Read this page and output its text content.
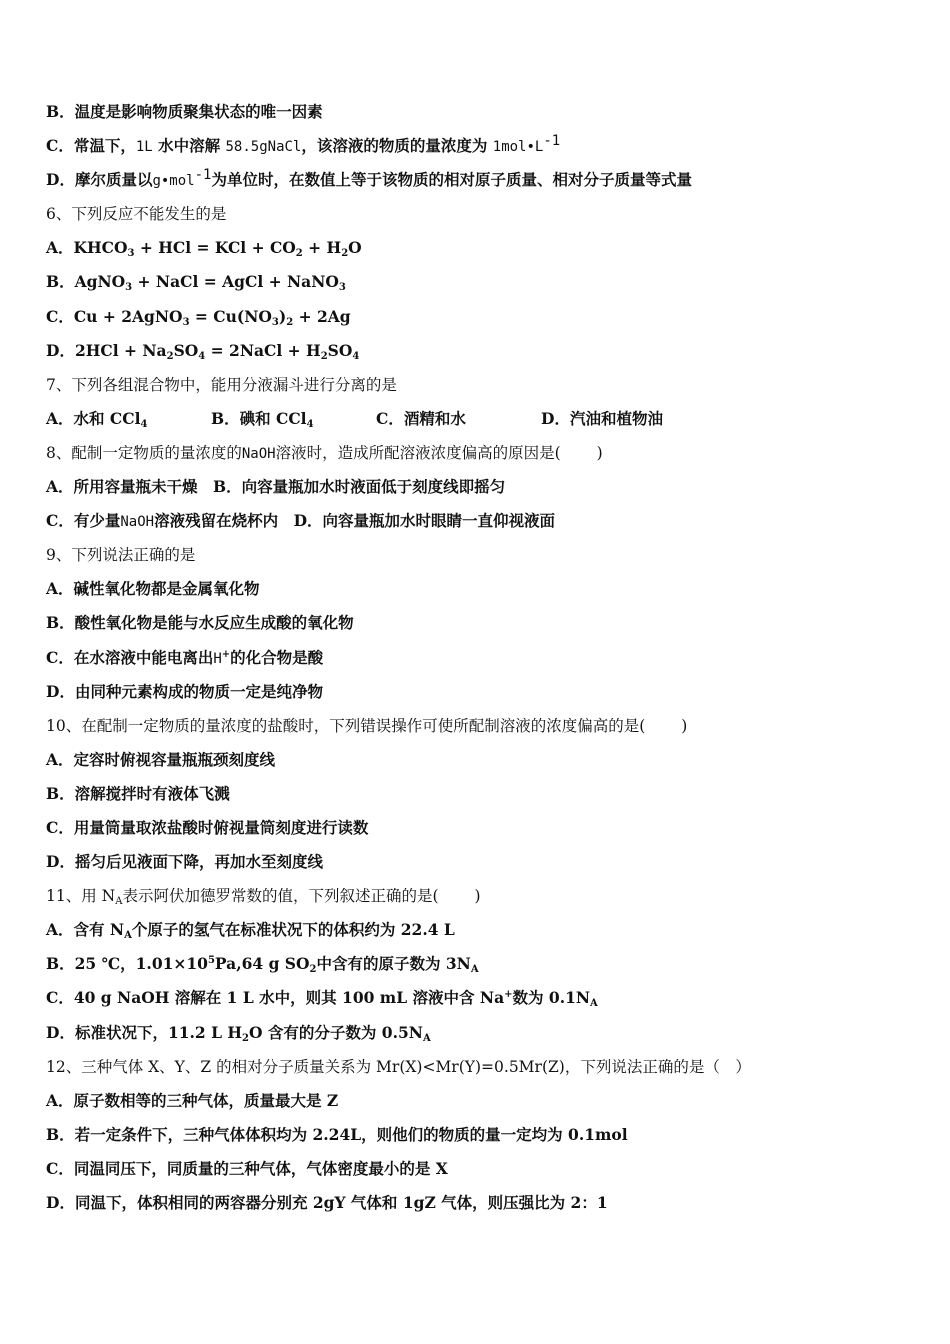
B．温度是影响物质聚集状态的唯一因素
C．常温下，1L 水中溶解 58.5gNaCl，该溶液的物质的量浓度为 $1mol•L^{-1}$
D．摩尔质量以g•mol$^{-1}$为单位时，在数值上等于该物质的相对原子质量、相对分子质量等式量
6、下列反应不能发生的是
A．$KHCO_3$ + HCl = KCl + $CO_2 + H_2O$
B．AgNO$_3$ + NaCl = AgCl + NaNO$_3$
C．Cu + 2AgNO$_3$ = $Cu(NO_3)_2 + 2Ag$
D．$2HCl + Na_2SO_4$ = 2NaCl + $H_2SO_4$
7、下列各组混合物中，能用分液漏斗进行分离的是
A．水和 CCl$_4$	B．碘和 CCl$_4$	C．酒精和水	D．汽油和植物油
8、配制一定物质的量浓度的NaOH溶液时，造成所配溶液浓度偏高的原因是( )
A．所用容量瓶未干燥　B．向容量瓶加水时液面低于刻度线即摇匀
C．有少量NaOH溶液残留在烧杯内　D．向容量瓶加水时眼睛一直仰视液面
9、下列说法正确的是
A．碱性氧化物都是金属氧化物
B．酸性氧化物是能与水反应生成酸的氧化物
C．在水溶液中能电离出H+的化合物是酸
D．由同种元素构成的物质一定是纯净物
10、在配制一定物质的量浓度的盐酸时，下列错误操作可使所配制溶液的浓度偏高的是( )
A．定容时俯视容量瓶瓶颈刻度线
B．溶解搅拌时有液体飞溅
C．用量筒量取浓盐酸时俯视量筒刻度进行读数
D．摇匀后见液面下降，再加水至刻度线
11、用 $N_A$表示阿伏加德罗常数的值，下列叙述正确的是( )
A．含有 $N_A$个原子的氢气在标准状况下的体积约为 22.4 L
B．25 ℃，$1.01\times 10^5Pa,64$ g $SO_2$中含有的原子数为 $3N_A$
C．40 g NaOH 溶解在 1 L 水中，则其 100 mL 溶液中含 Na+数为 $0.1N_A$
D．标准状况下，11.2 L $H_2O$ 含有的分子数为 $0.5N_A$
12、三种气体 X、Y、Z 的相对分子质量关系为 Mr(X)<Mr(Y)=0.5Mr(Z)，下列说法正确的是（　）
A．原子数相等的三种气体，质量最大是 Z
B．若一定条件下，三种气体体积均为 2.24L，则他们的物质的量一定均为 0.1mol
C．同温同压下，同质量的三种气体，气体密度最小的是 X
D．同温下，体积相同的两容器分别充 2gY 气体和 1gZ 气体，则压强比为 2：1
